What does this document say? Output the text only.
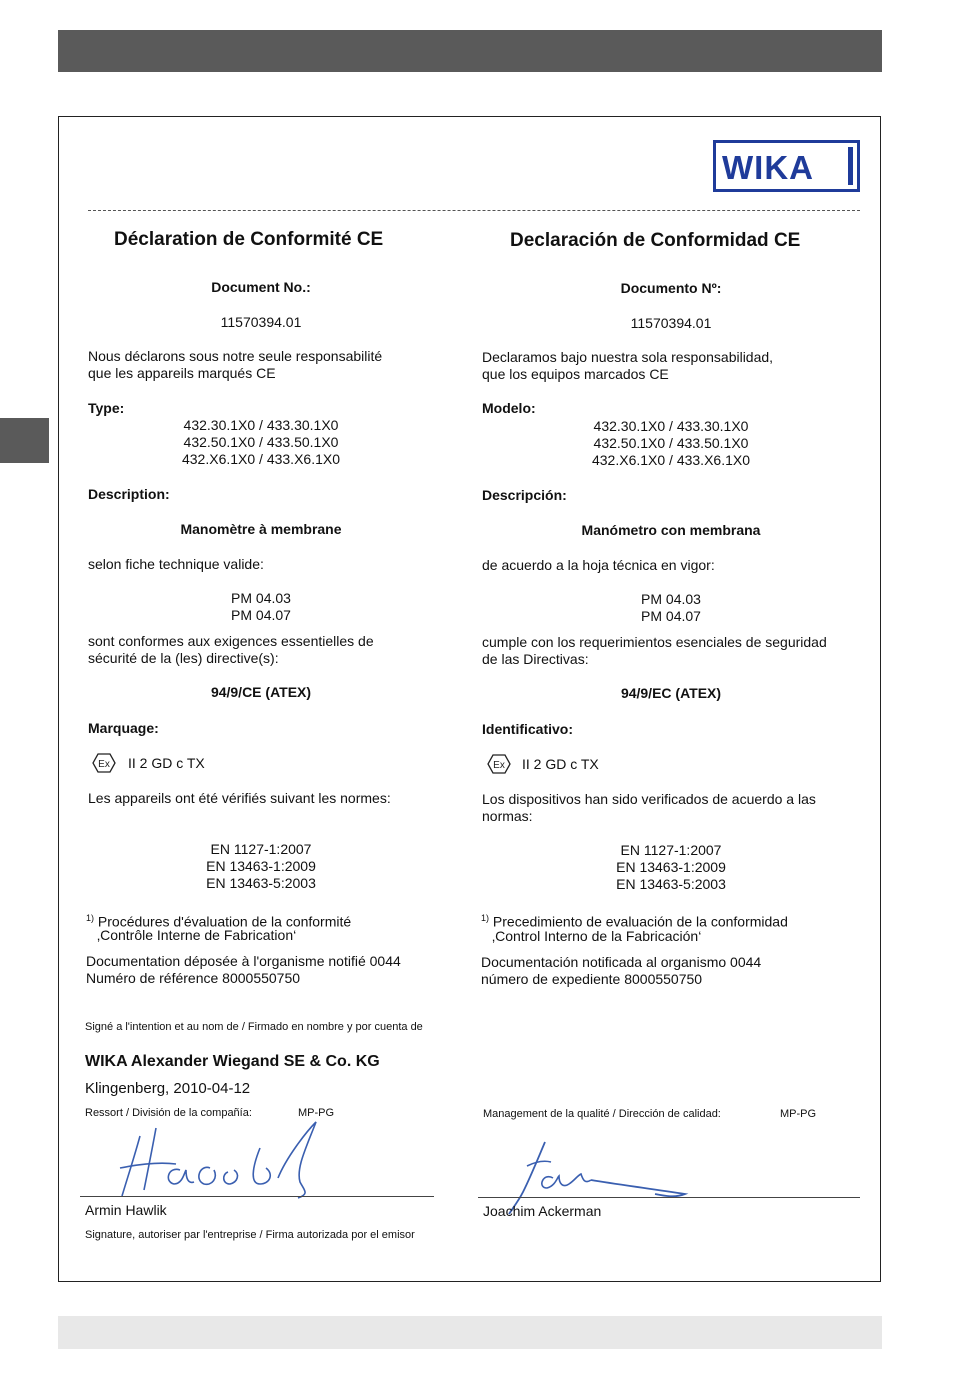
WIKA
Déclaration de Conformité CE
Document No.:
11570394.01
Nous déclarons sous notre seule responsabilité
que les appareils marqués CE
Type:
432.30.1X0 / 433.30.1X0
432.50.1X0 / 433.50.1X0
432.X6.1X0 / 433.X6.1X0
Description:
Manomètre à membrane
selon fiche technique valide:
PM 04.03
PM 04.07
sont conformes aux exigences essentielles de
sécurité de la (les) directive(s):
94/9/CE (ATEX)
Marquage:
Ex II 2 GD c TX
Les appareils ont été vérifiés suivant les normes:
EN 1127-1:2007
EN 13463-1:2009
EN 13463-5:2003
$^{1)}$ Procédures d'évaluation de la conformité
‚Contrôle Interne de Fabrication‘
Documentation déposée à l'organisme notifié 0044
Numéro de référence 8000550750
Declaración de Conformidad CE
Documento Nº:
11570394.01
Declaramos bajo nuestra sola responsabilidad,
que los equipos marcados CE
Modelo:
432.30.1X0 / 433.30.1X0
432.50.1X0 / 433.50.1X0
432.X6.1X0 / 433.X6.1X0
Descripción:
Manómetro con membrana
de acuerdo a la hoja técnica en vigor:
PM 04.03
PM 04.07
cumple con los requerimientos esenciales de seguridad
de las Directivas:
94/9/EC (ATEX)
Identificativo:
Ex II 2 GD c TX
Los dispositivos han sido verificados de acuerdo a las
normas:
EN 1127-1:2007
EN 13463-1:2009
EN 13463-5:2003
$^{1)}$ Precedimiento de evaluación de la conformidad
‚Control Interno de la Fabricación‘
Documentación notificada al organismo 0044
número de expediente 8000550750
Signé a l'intention et au nom de / Firmado en nombre y por cuenta de
WIKA Alexander Wiegand SE & Co. KG
Klingenberg, 2010-04-12
Ressort / División de la compañía:	MP-PG	Management de la qualité / Dirección de calidad:	MP-PG
Armin Hawlik
Signature, autoriser par l'entreprise / Firma autorizada por el emisor
Joachim Ackerman
